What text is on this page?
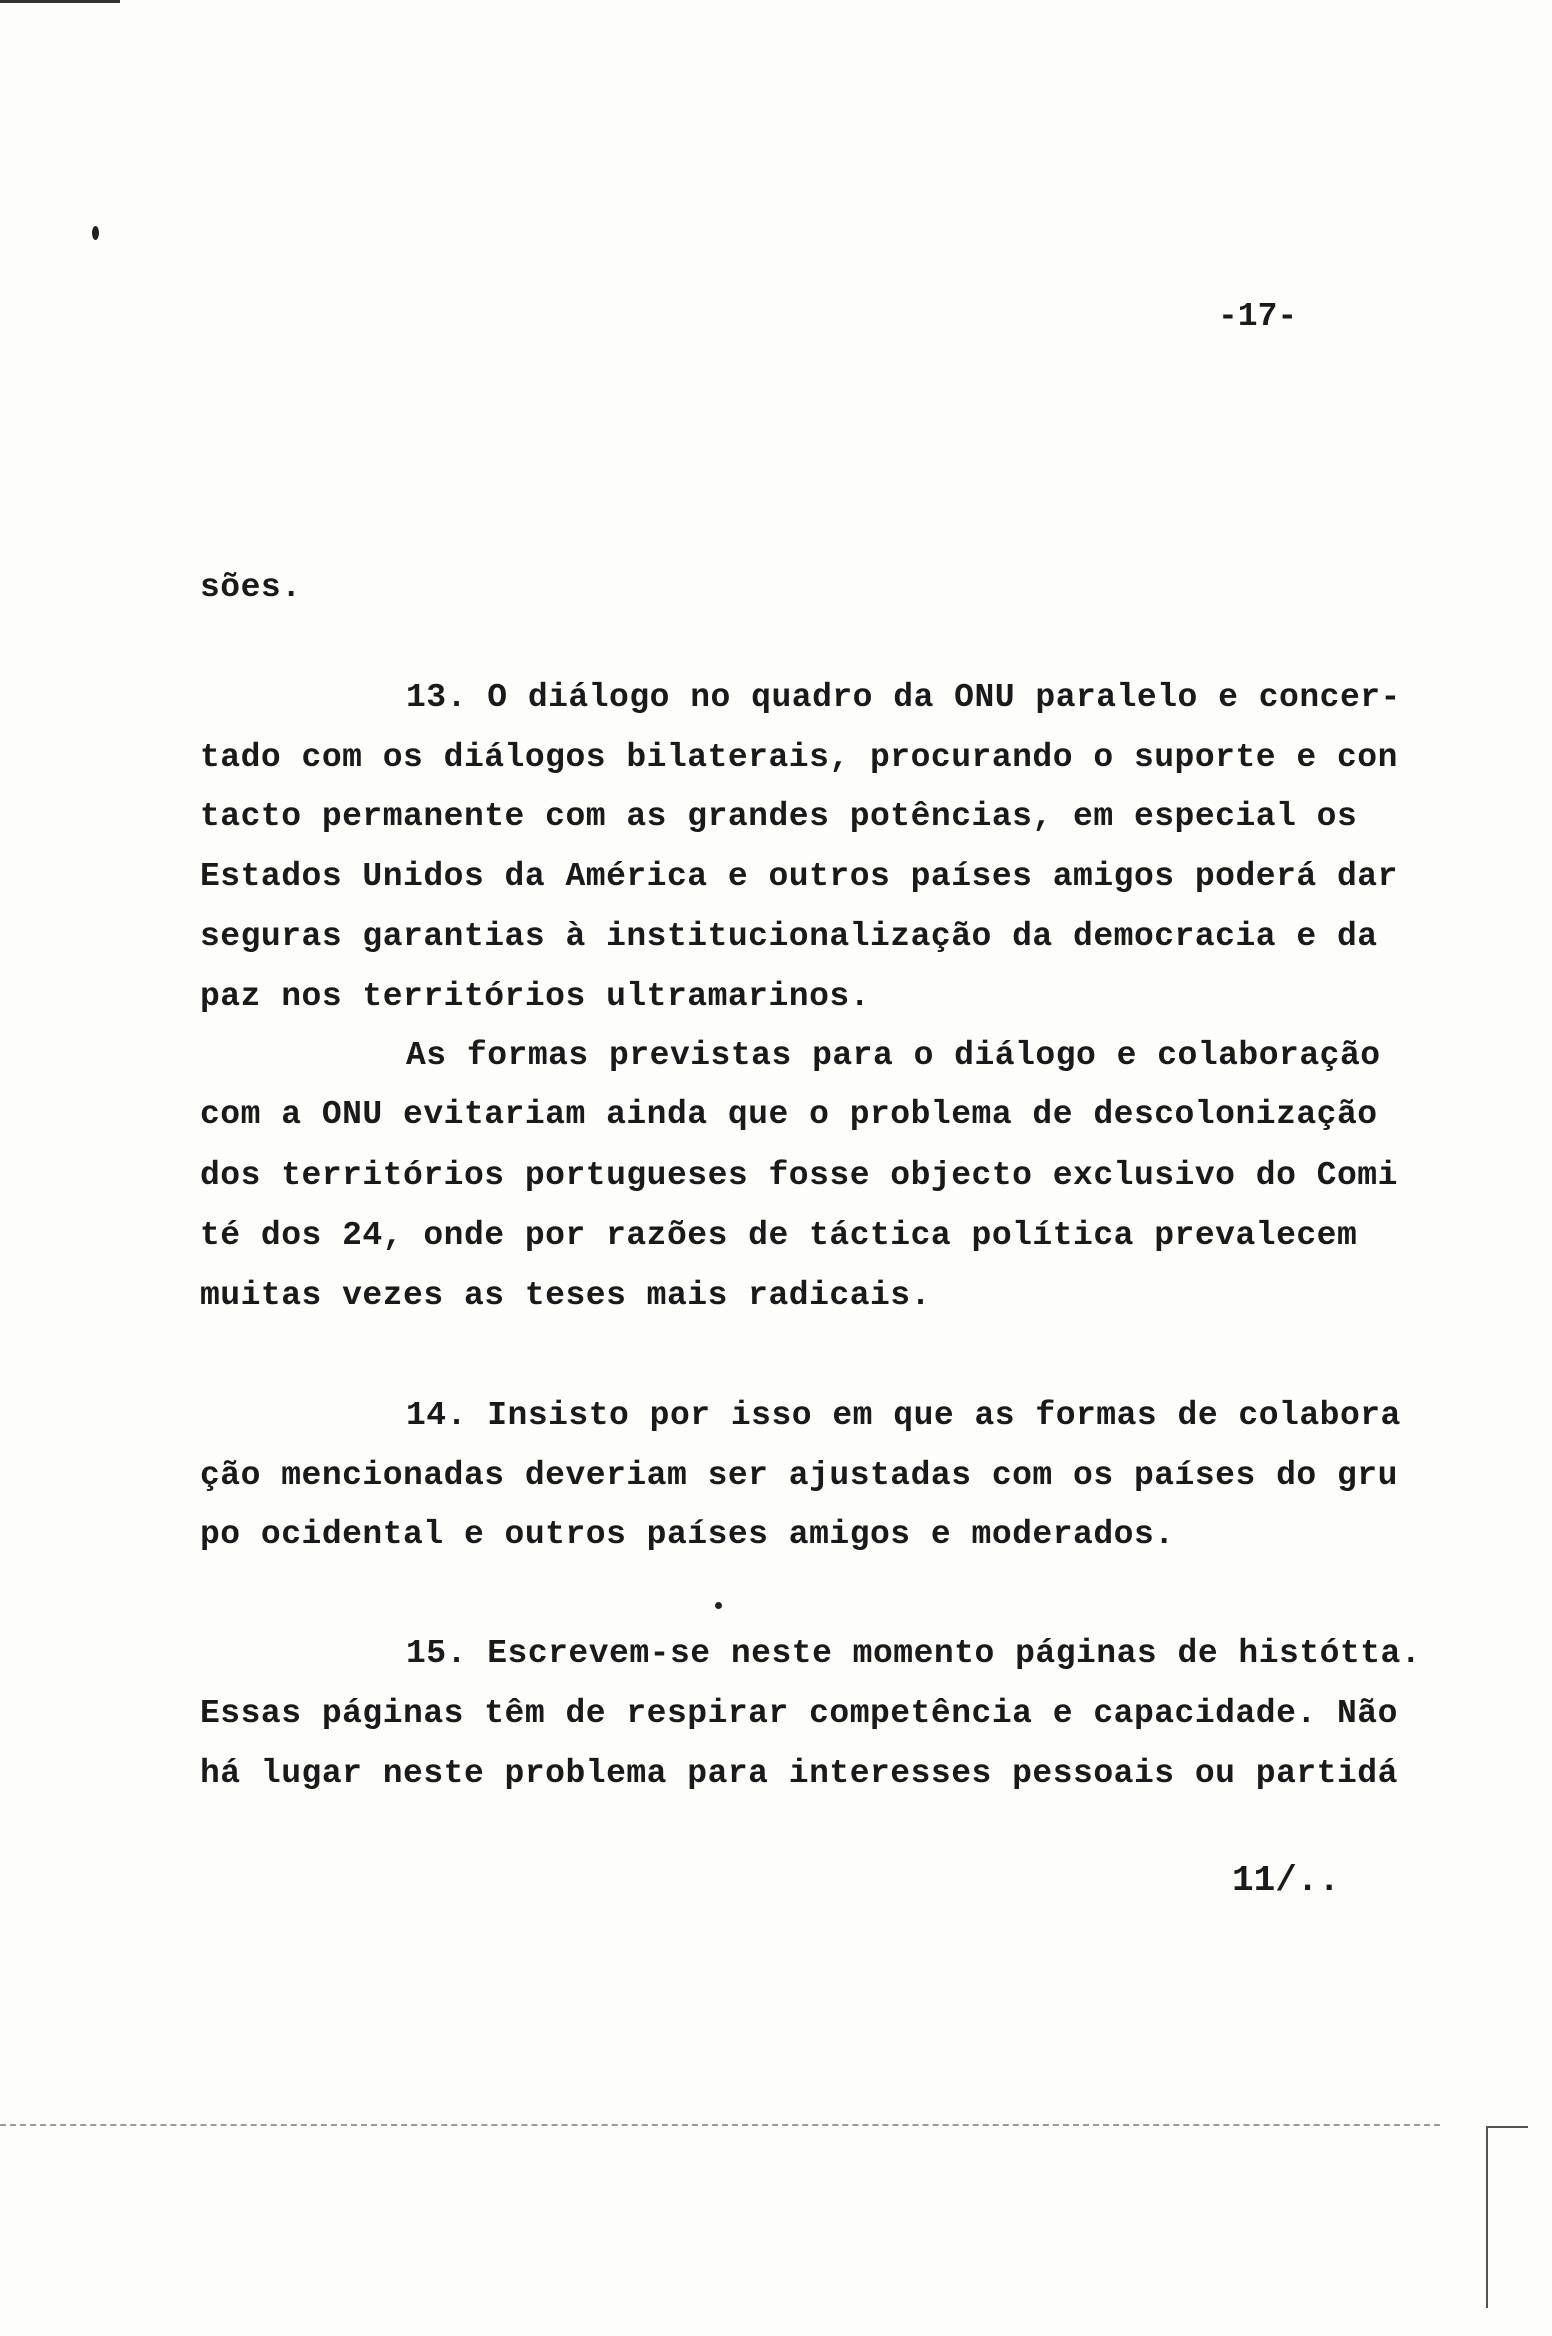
-17-
sões.
13. O diálogo no quadro da ONU paralelo e concer-
tado com os diálogos bilaterais, procurando o suporte e con
tacto permanente com as grandes potências, em especial os
Estados Unidos da América e outros países amigos poderá dar
seguras garantias à institucionalização da democracia e da
paz nos territórios ultramarinos.
As formas previstas para o diálogo e colaboração
com a ONU evitariam ainda que o problema de descolonização
dos territórios portugueses fosse objecto exclusivo do Comi
té dos 24, onde por razões de táctica política prevalecem
muitas vezes as teses mais radicais.
14. Insisto por isso em que as formas de colabora
ção mencionadas deveriam ser ajustadas com os países do gru
po ocidental e outros países amigos e moderados.
15. Escrevem-se neste momento páginas de histótta.
Essas páginas têm de respirar competência e capacidade. Não
há lugar neste problema para interesses pessoais ou partidá
11/..
